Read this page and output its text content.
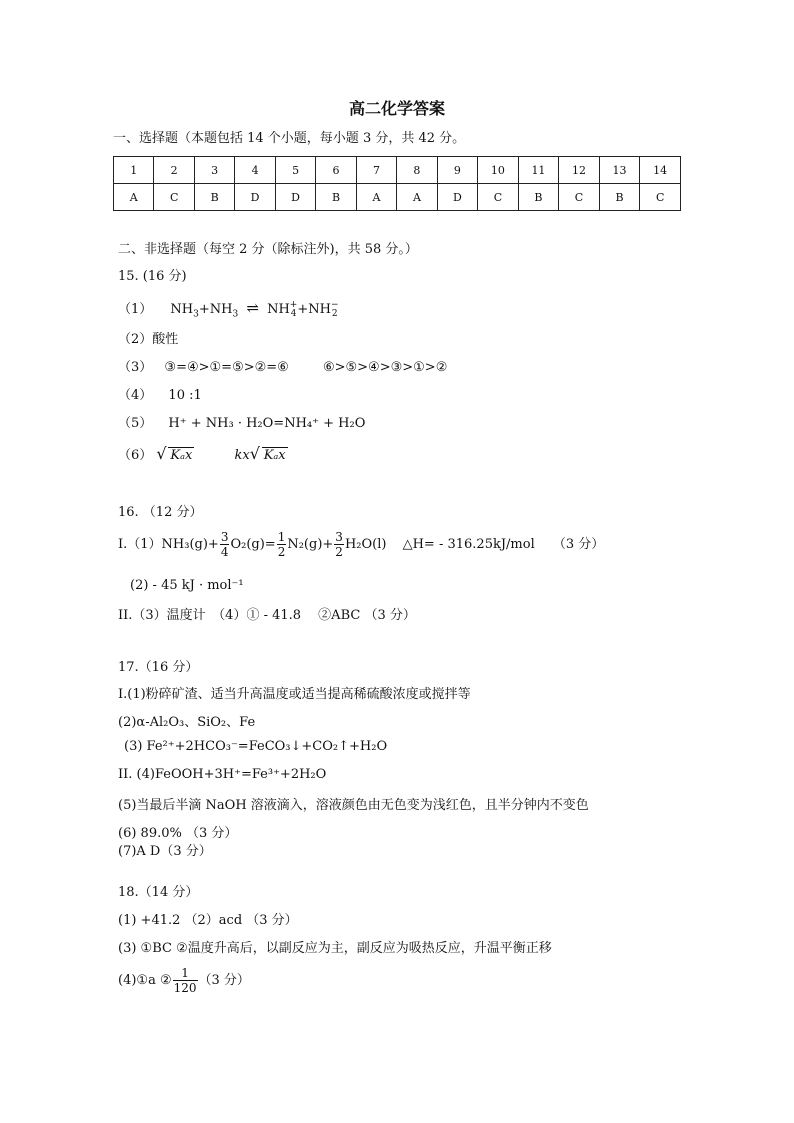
高二化学答案
一、选择题（本题包括 14 个小题，每小题 3 分，共 42 分。
1	2	3	4	5	6	7	8	9	10	11	12	13	14
A	C	B	D	D	B	A	A	D	C	B	C	B	C
二、非选择题（每空 2 分（除标注外)，共 58 分。）
15. (16 分)
（1） $NH_3+NH_3$ ⇌ NH +
4 +NH −
2
（2）酸性
（3） ③=④>①=⑤>②=⑥	⑥>⑤>④>③>①>②
（4） 10 :1
（5） H⁺ + NH₃ · H₂O=NH₄⁺ + H₂O
（6） √ Kₐx	kx √ Kₐx
16. （12 分）
$I.(1)NH_3(g)+ \frac{3}{4} O_2(g)= \frac{1}{2} N_2(g)+ \frac{3}{2} H_2O(l)$ △H= - 316.25kJ/mol （3 分）
(2) - 45 kJ · mol⁻¹
II.（3）温度计　（4）① - 41.8　 ②ABC （3 分）
17.（16 分）
I.(1)粉碎矿渣、适当升高温度或适当提高稀硫酸浓度或搅拌等
(2)α-Al₂O₃、SiO₂、Fe
(3) Fe²⁺+2HCO₃⁻=FeCO₃↓+CO₂↑+H₂O
II. (4)FeOOH+3H⁺=Fe³⁺+2H₂O
(5)当最后半滴 NaOH 溶液滴入，溶液颜色由无色变为浅红色，且半分钟内不变色
(6) 89.0% （3 分）
(7)A D（3 分）
18.（14 分）
(1) +41.2 （2）acd （3 分）
(3) ①BC ②温度升高后，以副反应为主，副反应为吸热反应，升温平衡正移
(4)①a ② $\frac{1}{120} (3$ 分）
